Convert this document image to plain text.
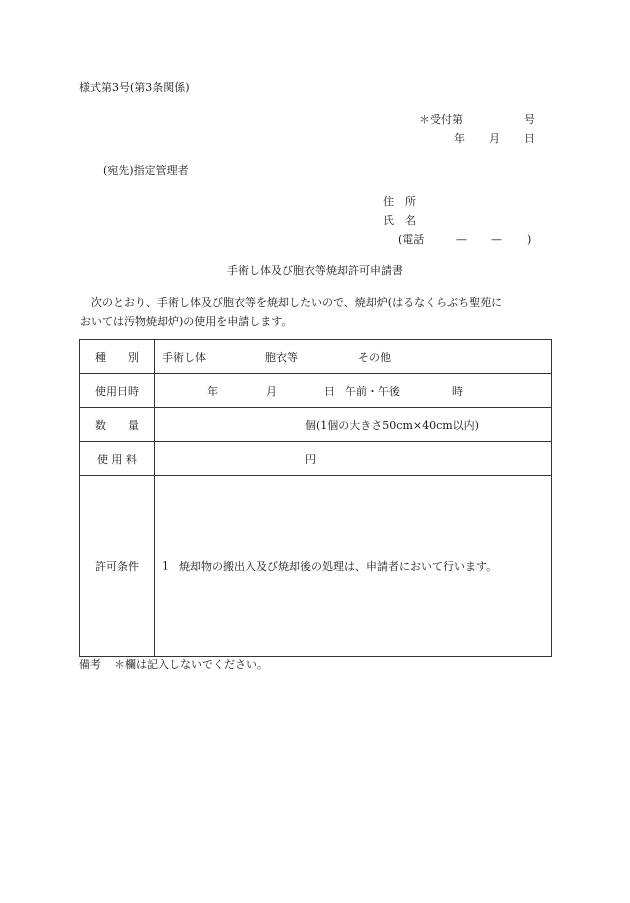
様式第3号(第3条関係)
＊受付第	号
年 月 日
(宛先)指定管理者
住　所
氏　名
(電話	— — )
手術し体及び胞衣等焼却許可申請書
次のとおり、手術し体及び胞衣等を焼却したいので、焼却炉(はるなくらぶち聖苑に
おいては汚物焼却炉)の使用を申請します。
種　　別	手術し体 胞衣等 その他

使用日時	年 月 日 午前・午後 時

数　　量	個(1個の大きさ50cm×40cm以内)

使 用 料	円

許可条件	1 焼却物の搬出入及び焼却後の処理は、申請者において行います。
備考 ＊欄は記入しないでください。
